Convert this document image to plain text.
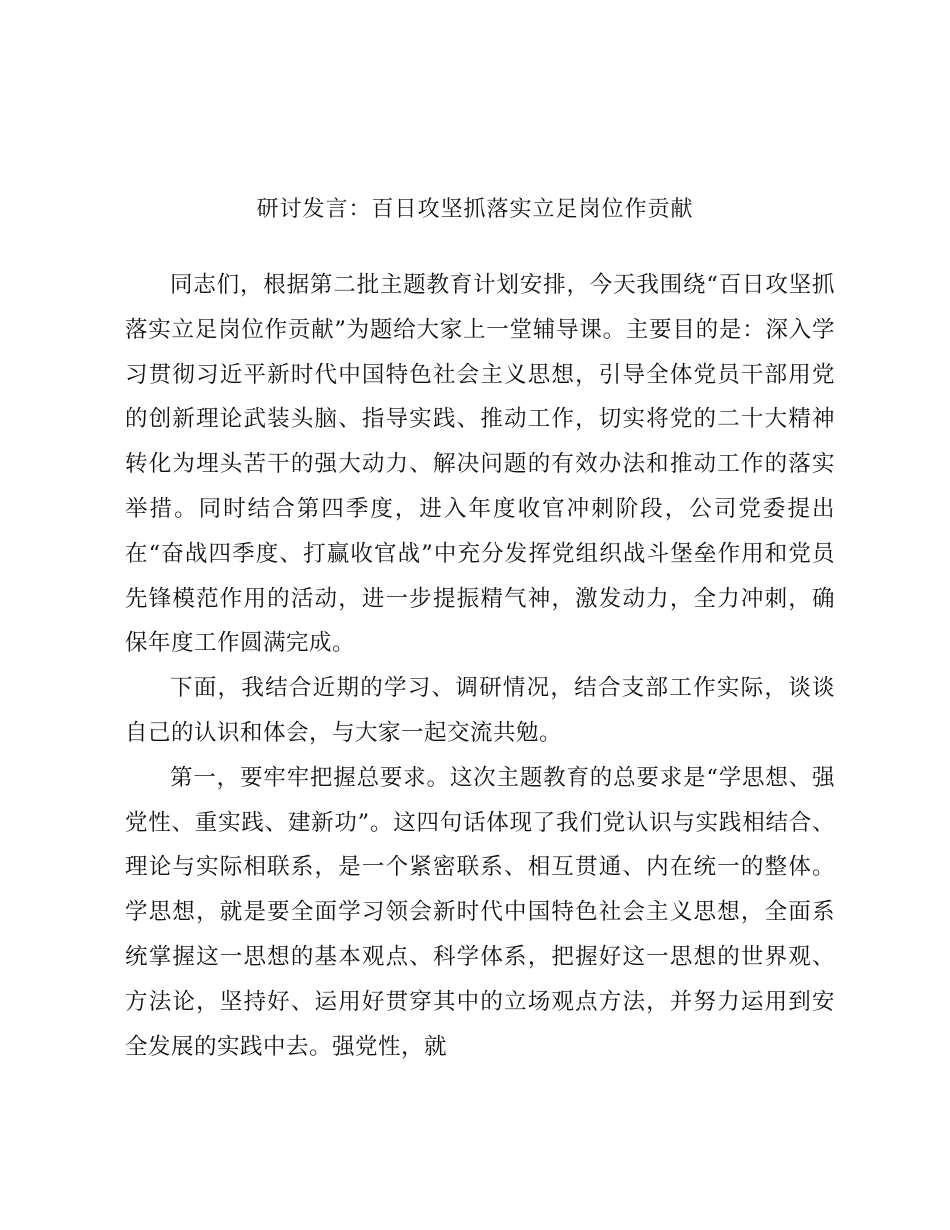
研讨发言：百日攻坚抓落实立足岗位作贡献

同志们，根据第二批主题教育计划安排，今天我围绕“百日攻坚抓落实立足岗位作贡献”为题给大家上一堂辅导课。主要目的是：深入学习贯彻习近平新时代中国特色社会主义思想，引导全体党员干部用党的创新理论武装头脑、指导实践、推动工作，切实将党的二十大精神转化为埋头苦干的强大动力、解决问题的有效办法和推动工作的落实举措。同时结合第四季度，进入年度收官冲刺阶段，公司党委提出在“奋战四季度、打赢收官战”中充分发挥党组织战斗堡垒作用和党员先锋模范作用的活动，进一步提振精气神，激发动力，全力冲刺，确保年度工作圆满完成。

下面，我结合近期的学习、调研情况，结合支部工作实际，谈谈自己的认识和体会，与大家一起交流共勉。

第一，要牢牢把握总要求。这次主题教育的总要求是“学思想、强党性、重实践、建新功”。这四句话体现了我们党认识与实践相结合、理论与实际相联系，是一个紧密联系、相互贯通、内在统一的整体。学思想，就是要全面学习领会新时代中国特色社会主义思想，全面系统掌握这一思想的基本观点、科学体系，把握好这一思想的世界观、方法论，坚持好、运用好贯穿其中的立场观点方法，并努力运用到安全发展的实践中去。强党性，就
